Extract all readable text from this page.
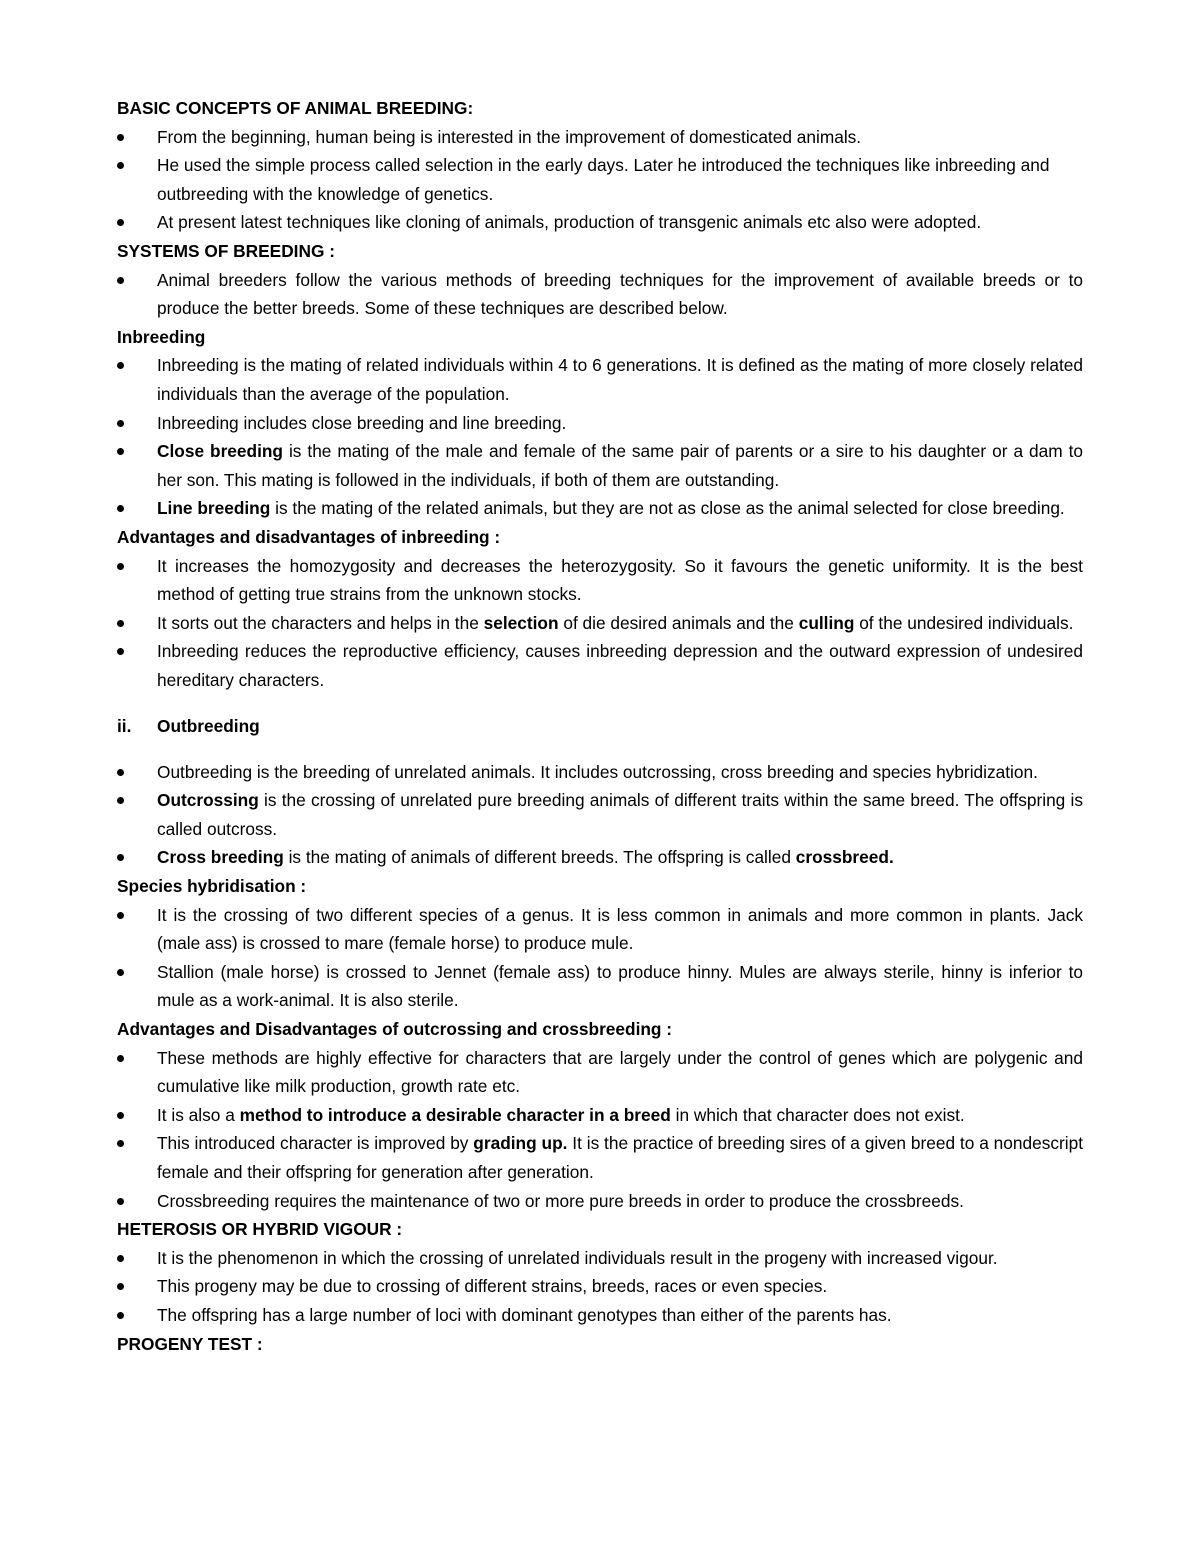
BASIC CONCEPTS OF ANIMAL BREEDING:

From the beginning, human being is interested in the improvement of domesticated animals.
He used the simple process called selection in the early days. Later he introduced the techniques like inbreeding and outbreeding with the knowledge of genetics.
At present latest techniques like cloning of animals, production of transgenic animals etc also were adopted.

SYSTEMS OF BREEDING :

Animal breeders follow the various methods of breeding techniques for the improvement of available breeds or to produce the better breeds. Some of these techniques are described below.

Inbreeding

Inbreeding is the mating of related individuals within 4 to 6 generations. It is defined as the mating of more closely related individuals than the average of the population.
Inbreeding includes close breeding and line breeding.
Close breeding is the mating of the male and female of the same pair of parents or a sire to his daughter or a dam to her son. This mating is followed in the individuals, if both of them are outstanding.
Line breeding is the mating of the related animals, but they are not as close as the animal selected for close breeding.

Advantages and disadvantages of inbreeding :

It increases the homozygosity and decreases the heterozygosity. So it favours the genetic uniformity. It is the best method of getting true strains from the unknown stocks.
It sorts out the characters and helps in the selection of die desired animals and the culling of the undesired individuals.
Inbreeding reduces the reproductive efficiency, causes inbreeding depression and the outward expression of undesired hereditary characters.

ii. Outbreeding

Outbreeding is the breeding of unrelated animals. It includes outcrossing, cross breeding and species hybridization.
Outcrossing is the crossing of unrelated pure breeding animals of different traits within the same breed. The offspring is called outcross.
Cross breeding is the mating of animals of different breeds. The offspring is called crossbreed.

Species hybridisation :

It is the crossing of two different species of a genus. It is less common in animals and more common in plants. Jack (male ass) is crossed to mare (female horse) to produce mule.
Stallion (male horse) is crossed to Jennet (female ass) to produce hinny. Mules are always sterile, hinny is inferior to mule as a work-animal. It is also sterile.

Advantages and Disadvantages of outcrossing and crossbreeding :

These methods are highly effective for characters that are largely under the control of genes which are polygenic and cumulative like milk production, growth rate etc.
It is also a method to introduce a desirable character in a breed in which that character does not exist.
This introduced character is improved by grading up. It is the practice of breeding sires of a given breed to a nondescript female and their offspring for generation after generation.
Crossbreeding requires the maintenance of two or more pure breeds in order to produce the crossbreeds.

HETEROSIS OR HYBRID VIGOUR :

It is the phenomenon in which the crossing of unrelated individuals result in the progeny with increased vigour.
This progeny may be due to crossing of different strains, breeds, races or even species.
The offspring has a large number of loci with dominant genotypes than either of the parents has.

PROGENY TEST :
